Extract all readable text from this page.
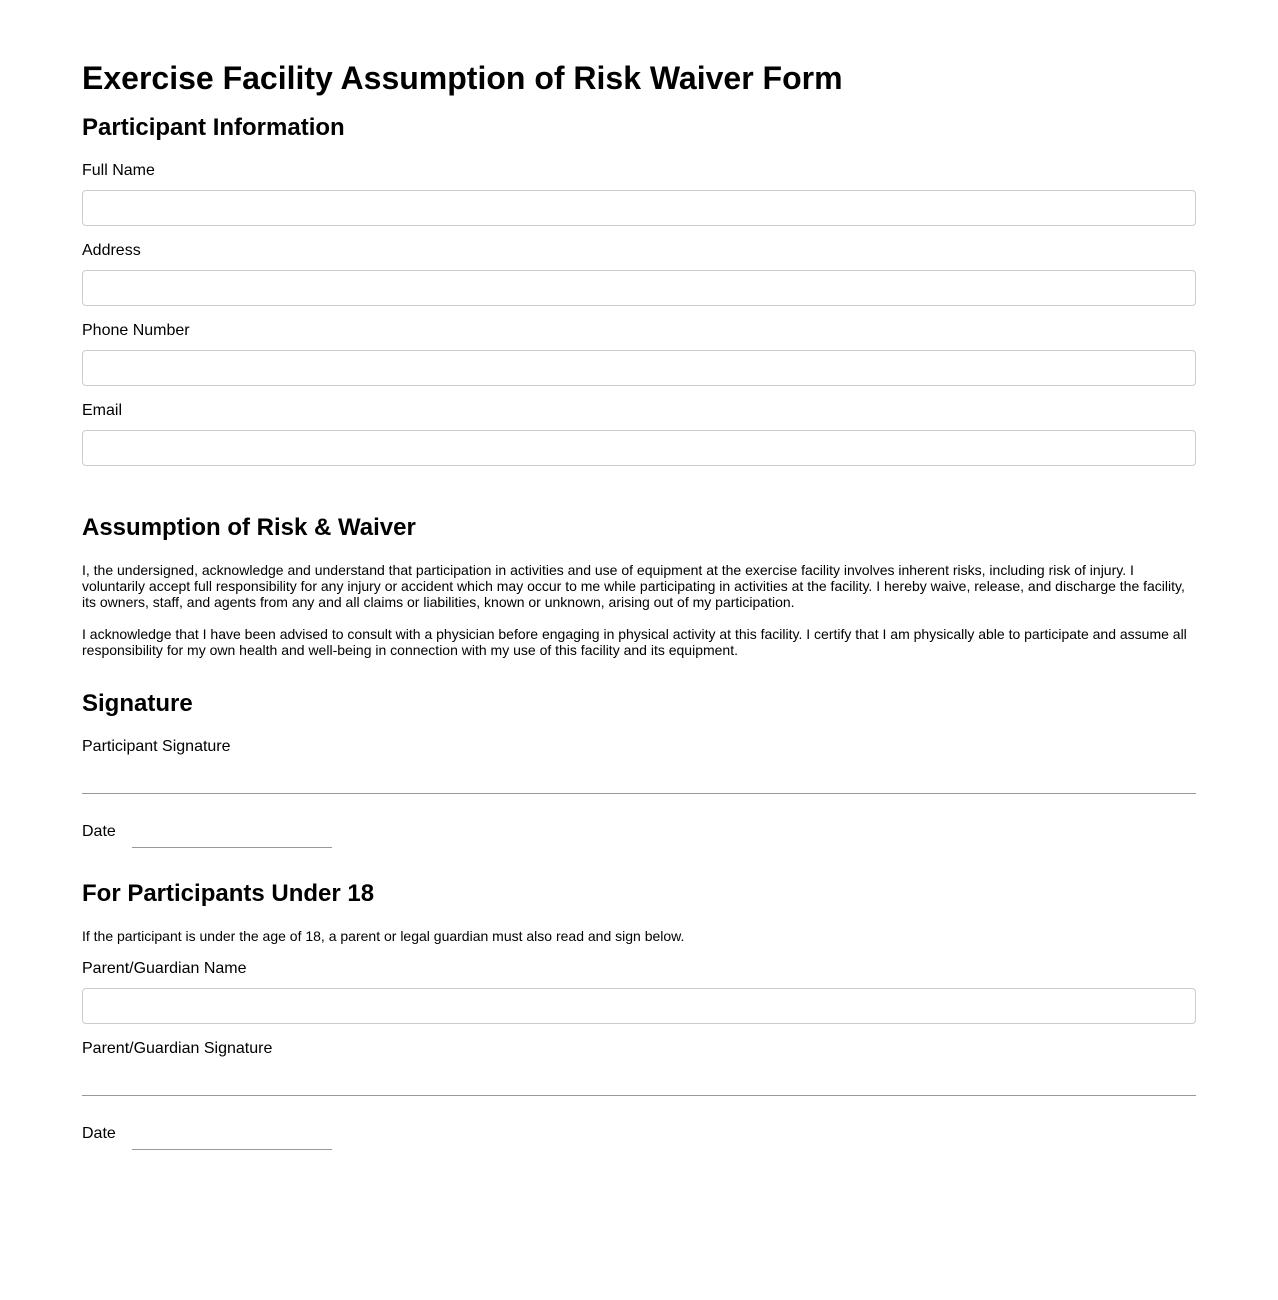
Exercise Facility Assumption of Risk Waiver Form
Participant Information
Full Name
Address
Phone Number
Email
Assumption of Risk & Waiver

I, the undersigned, acknowledge and understand that participation in activities and use of equipment at the exercise facility involves inherent risks, including risk of injury. I voluntarily accept full responsibility for any injury or accident which may occur to me while participating in activities at the facility. I hereby waive, release, and discharge the facility, its owners, staff, and agents from any and all claims or liabilities, known or unknown, arising out of my participation.

I acknowledge that I have been advised to consult with a physician before engaging in physical activity at this facility. I certify that I am physically able to participate and assume all responsibility for my own health and well-being in connection with my use of this facility and its equipment.

Signature
Participant Signature
Date
For Participants Under 18

If the participant is under the age of 18, a parent or legal guardian must also read and sign below.

Parent/Guardian Name
Parent/Guardian Signature
Date
